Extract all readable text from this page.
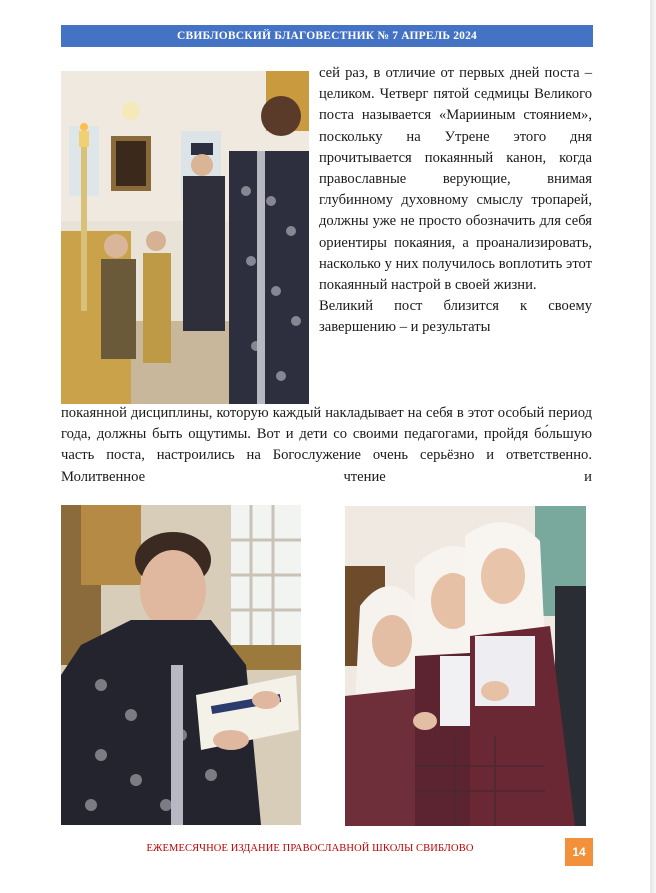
СВИБЛОВСКИЙ БЛАГОВЕСТНИК № 7 АПРЕЛЬ 2024

сей раз, в отличие от первых дней поста – целиком. Четверг пятой седмицы Великого поста называется «Марииным стоянием», поскольку на Утрене этого дня прочитывается покаянный канон, когда православные верующие, внимая глубинному духовному смыслу тропарей, должны уже не просто обозначить для себя ориентиры покаяния, а проанализировать, насколько у них получилось воплотить этот покаянный настрой в своей жизни.

Великий пост близится к своему завершению – и результаты

покаянной дисциплины, которую каждый накладывает на себя в этот особый период года, должны быть ощутимы. Вот и дети со своими педагогами, пройдя бо́льшую часть поста, настроились на Богослужение очень серьёзно и ответственно. Молитвенное чтение и

ЕЖЕМЕСЯЧНОЕ ИЗДАНИЕ ПРАВОСЛАВНОЙ ШКОЛЫ СВИБЛОВО	14
